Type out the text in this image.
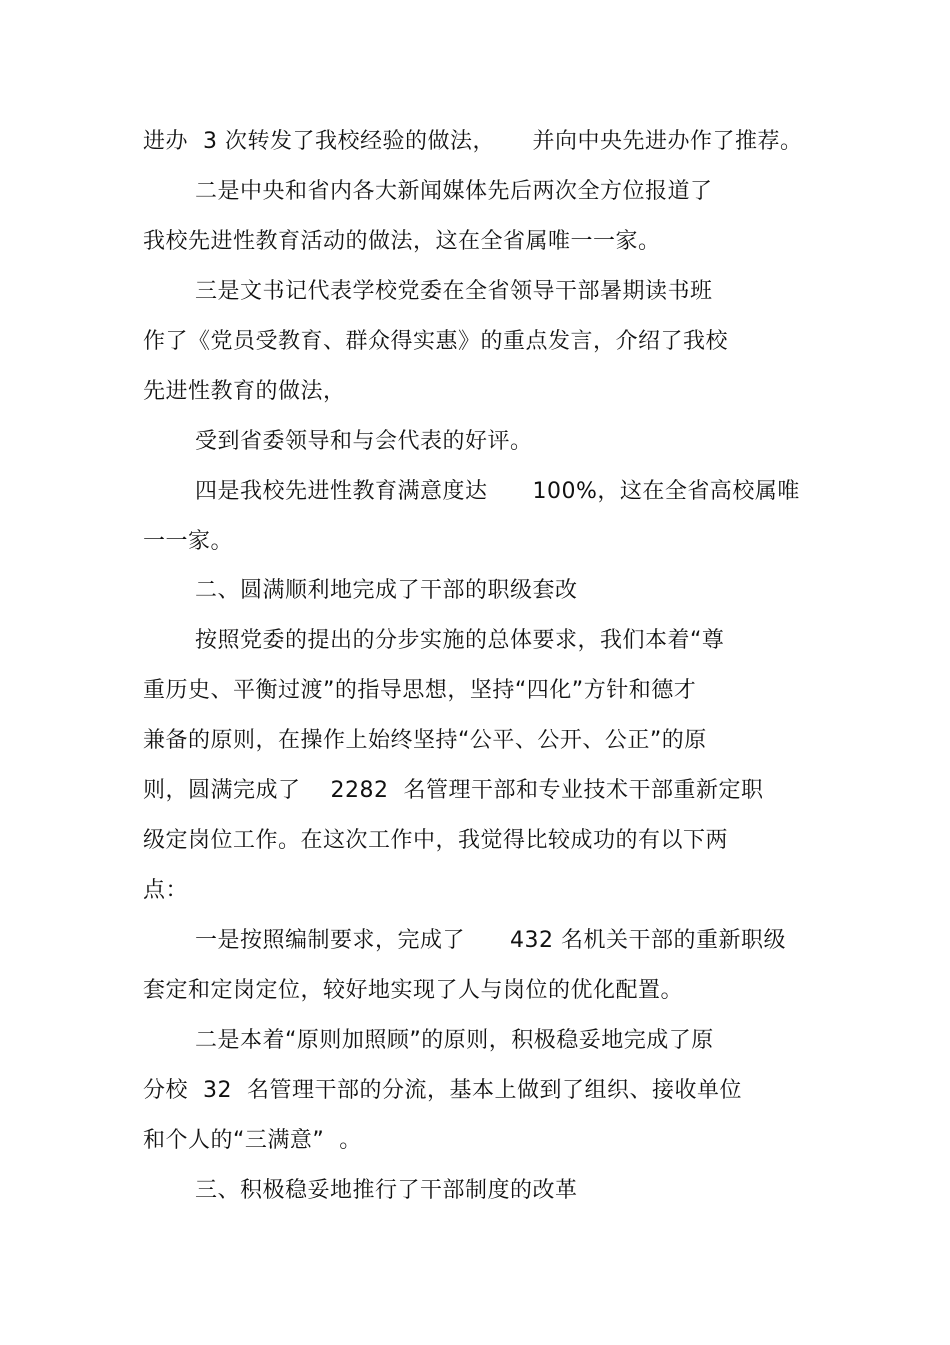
进办  3 次转发了我校经验的做法，     并向中央先进办作了推荐。
二是中央和省内各大新闻媒体先后两次全方位报道了
我校先进性教育活动的做法，这在全省属唯一一家。
三是文书记代表学校党委在全省领导干部暑期读书班
作了《党员受教育、群众得实惠》的重点发言，介绍了我校
先进性教育的做法，
受到省委领导和与会代表的好评。
四是我校先进性教育满意度达      100%，这在全省高校属唯
一一家。
二、圆满顺利地完成了干部的职级套改
按照党委的提出的分步实施的总体要求，我们本着“尊
重历史、平衡过渡”的指导思想，坚持“四化”方针和德才
兼备的原则，在操作上始终坚持“公平、公开、公正”的原
则，圆满完成了    2282  名管理干部和专业技术干部重新定职
级定岗位工作。在这次工作中，我觉得比较成功的有以下两
点：
一是按照编制要求，完成了      432 名机关干部的重新职级
套定和定岗定位，较好地实现了人与岗位的优化配置。
二是本着“原则加照顾”的原则，积极稳妥地完成了原
分校  32  名管理干部的分流，基本上做到了组织、接收单位
和个人的“三满意”  。
三、积极稳妥地推行了干部制度的改革
